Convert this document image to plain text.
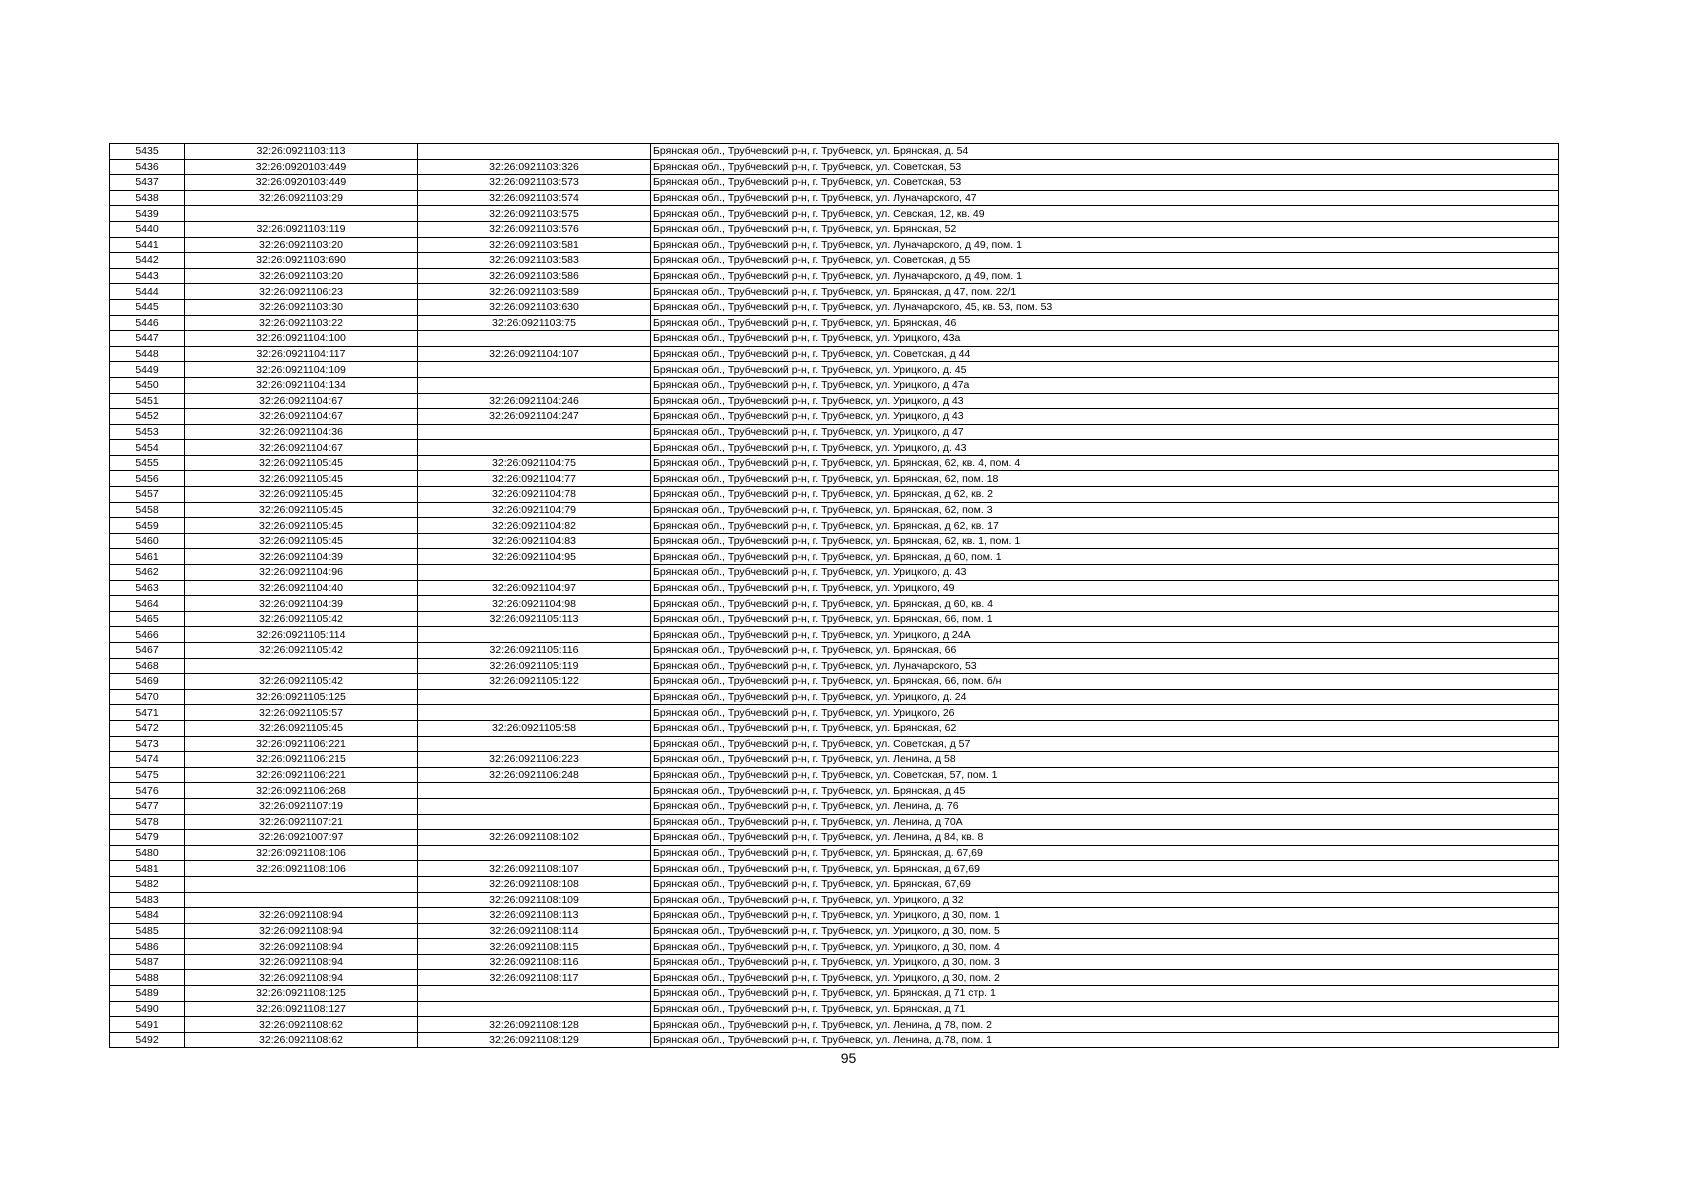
5435	32:26:0921103:113		Брянская обл., Трубчевский р-н, г. Трубчевск, ул. Брянская, д. 54
5436	32:26:0920103:449	32:26:0921103:326	Брянская обл., Трубчевский р-н, г. Трубчевск, ул. Советская, 53
5437	32:26:0920103:449	32:26:0921103:573	Брянская обл., Трубчевский р-н, г. Трубчевск, ул. Советская, 53
5438	32:26:0921103:29	32:26:0921103:574	Брянская обл., Трубчевский р-н, г. Трубчевск, ул. Луначарского, 47
5439		32:26:0921103:575	Брянская обл., Трубчевский р-н, г. Трубчевск, ул. Севская, 12, кв. 49
5440	32:26:0921103:119	32:26:0921103:576	Брянская обл., Трубчевский р-н, г. Трубчевск, ул. Брянская, 52
5441	32:26:0921103:20	32:26:0921103:581	Брянская обл., Трубчевский р-н, г. Трубчевск, ул. Луначарского, д 49, пом. 1
5442	32:26:0921103:690	32:26:0921103:583	Брянская обл., Трубчевский р-н, г. Трубчевск, ул. Советская, д 55
5443	32:26:0921103:20	32:26:0921103:586	Брянская обл., Трубчевский р-н, г. Трубчевск, ул. Луначарского, д 49, пом. 1
5444	32:26:0921106:23	32:26:0921103:589	Брянская обл., Трубчевский р-н, г. Трубчевск, ул. Брянская, д 47, пом. 22/1
5445	32:26:0921103:30	32:26:0921103:630	Брянская обл., Трубчевский р-н, г. Трубчевск, ул. Луначарского, 45, кв. 53, пом. 53
5446	32:26:0921103:22	32:26:0921103:75	Брянская обл., Трубчевский р-н, г. Трубчевск, ул. Брянская, 46
5447	32:26:0921104:100		Брянская обл., Трубчевский р-н, г. Трубчевск, ул. Урицкого, 43а
5448	32:26:0921104:117	32:26:0921104:107	Брянская обл., Трубчевский р-н, г. Трубчевск, ул. Советская, д 44
5449	32:26:0921104:109		Брянская обл., Трубчевский р-н, г. Трубчевск, ул. Урицкого, д. 45
5450	32:26:0921104:134		Брянская обл., Трубчевский р-н, г. Трубчевск, ул. Урицкого, д 47а
5451	32:26:0921104:67	32:26:0921104:246	Брянская обл., Трубчевский р-н, г. Трубчевск, ул. Урицкого, д 43
5452	32:26:0921104:67	32:26:0921104:247	Брянская обл., Трубчевский р-н, г. Трубчевск, ул. Урицкого, д 43
5453	32:26:0921104:36		Брянская обл., Трубчевский р-н, г. Трубчевск, ул. Урицкого, д 47
5454	32:26:0921104:67		Брянская обл., Трубчевский р-н, г. Трубчевск, ул. Урицкого, д. 43
5455	32:26:0921105:45	32:26:0921104:75	Брянская обл., Трубчевский р-н, г. Трубчевск, ул. Брянская, 62, кв. 4, пом. 4
5456	32:26:0921105:45	32:26:0921104:77	Брянская обл., Трубчевский р-н, г. Трубчевск, ул. Брянская, 62, пом. 18
5457	32:26:0921105:45	32:26:0921104:78	Брянская обл., Трубчевский р-н, г. Трубчевск, ул. Брянская, д 62, кв. 2
5458	32:26:0921105:45	32:26:0921104:79	Брянская обл., Трубчевский р-н, г. Трубчевск, ул. Брянская, 62, пом. 3
5459	32:26:0921105:45	32:26:0921104:82	Брянская обл., Трубчевский р-н, г. Трубчевск, ул. Брянская, д 62, кв. 17
5460	32:26:0921105:45	32:26:0921104:83	Брянская обл., Трубчевский р-н, г. Трубчевск, ул. Брянская, 62, кв. 1, пом. 1
5461	32:26:0921104:39	32:26:0921104:95	Брянская обл., Трубчевский р-н, г. Трубчевск, ул. Брянская, д 60, пом. 1
5462	32:26:0921104:96		Брянская обл., Трубчевский р-н, г. Трубчевск, ул. Урицкого, д. 43
5463	32:26:0921104:40	32:26:0921104:97	Брянская обл., Трубчевский р-н, г. Трубчевск, ул. Урицкого, 49
5464	32:26:0921104:39	32:26:0921104:98	Брянская обл., Трубчевский р-н, г. Трубчевск, ул. Брянская, д 60, кв. 4
5465	32:26:0921105:42	32:26:0921105:113	Брянская обл., Трубчевский р-н, г. Трубчевск, ул. Брянская, 66, пом. 1
5466	32:26:0921105:114		Брянская обл., Трубчевский р-н, г. Трубчевск, ул. Урицкого, д 24А
5467	32:26:0921105:42	32:26:0921105:116	Брянская обл., Трубчевский р-н, г. Трубчевск, ул. Брянская, 66
5468		32:26:0921105:119	Брянская обл., Трубчевский р-н, г. Трубчевск, ул. Луначарского, 53
5469	32:26:0921105:42	32:26:0921105:122	Брянская обл., Трубчевский р-н, г. Трубчевск, ул. Брянская, 66, пом. б/н
5470	32:26:0921105:125		Брянская обл., Трубчевский р-н, г. Трубчевск, ул. Урицкого, д. 24
5471	32:26:0921105:57		Брянская обл., Трубчевский р-н, г. Трубчевск, ул. Урицкого, 26
5472	32:26:0921105:45	32:26:0921105:58	Брянская обл., Трубчевский р-н, г. Трубчевск, ул. Брянская, 62
5473	32:26:0921106:221		Брянская обл., Трубчевский р-н, г. Трубчевск, ул. Советская, д 57
5474	32:26:0921106:215	32:26:0921106:223	Брянская обл., Трубчевский р-н, г. Трубчевск, ул. Ленина, д 58
5475	32:26:0921106:221	32:26:0921106:248	Брянская обл., Трубчевский р-н, г. Трубчевск, ул. Советская, 57, пом. 1
5476	32:26:0921106:268		Брянская обл., Трубчевский р-н, г. Трубчевск, ул. Брянская, д 45
5477	32:26:0921107:19		Брянская обл., Трубчевский р-н, г. Трубчевск, ул. Ленина, д. 76
5478	32:26:0921107:21		Брянская обл., Трубчевский р-н, г. Трубчевск, ул. Ленина, д 70А
5479	32:26:0921007:97	32:26:0921108:102	Брянская обл., Трубчевский р-н, г. Трубчевск, ул. Ленина, д 84, кв. 8
5480	32:26:0921108:106		Брянская обл., Трубчевский р-н, г. Трубчевск, ул. Брянская, д. 67,69
5481	32:26:0921108:106	32:26:0921108:107	Брянская обл., Трубчевский р-н, г. Трубчевск, ул. Брянская, д 67,69
5482		32:26:0921108:108	Брянская обл., Трубчевский р-н, г. Трубчевск, ул. Брянская, 67,69
5483		32:26:0921108:109	Брянская обл., Трубчевский р-н, г. Трубчевск, ул. Урицкого, д 32
5484	32:26:0921108:94	32:26:0921108:113	Брянская обл., Трубчевский р-н, г. Трубчевск, ул. Урицкого, д 30, пом. 1
5485	32:26:0921108:94	32:26:0921108:114	Брянская обл., Трубчевский р-н, г. Трубчевск, ул. Урицкого, д 30, пом. 5
5486	32:26:0921108:94	32:26:0921108:115	Брянская обл., Трубчевский р-н, г. Трубчевск, ул. Урицкого, д 30, пом. 4
5487	32:26:0921108:94	32:26:0921108:116	Брянская обл., Трубчевский р-н, г. Трубчевск, ул. Урицкого, д 30, пом. 3
5488	32:26:0921108:94	32:26:0921108:117	Брянская обл., Трубчевский р-н, г. Трубчевск, ул. Урицкого, д 30, пом. 2
5489	32:26:0921108:125		Брянская обл., Трубчевский р-н, г. Трубчевск, ул. Брянская, д 71 стр. 1
5490	32:26:0921108:127		Брянская обл., Трубчевский р-н, г. Трубчевск, ул. Брянская, д 71
5491	32:26:0921108:62	32:26:0921108:128	Брянская обл., Трубчевский р-н, г. Трубчевск, ул. Ленина, д 78, пом. 2
5492	32:26:0921108:62	32:26:0921108:129	Брянская обл., Трубчевский р-н, г. Трубчевск, ул. Ленина, д.78, пом. 1
95
